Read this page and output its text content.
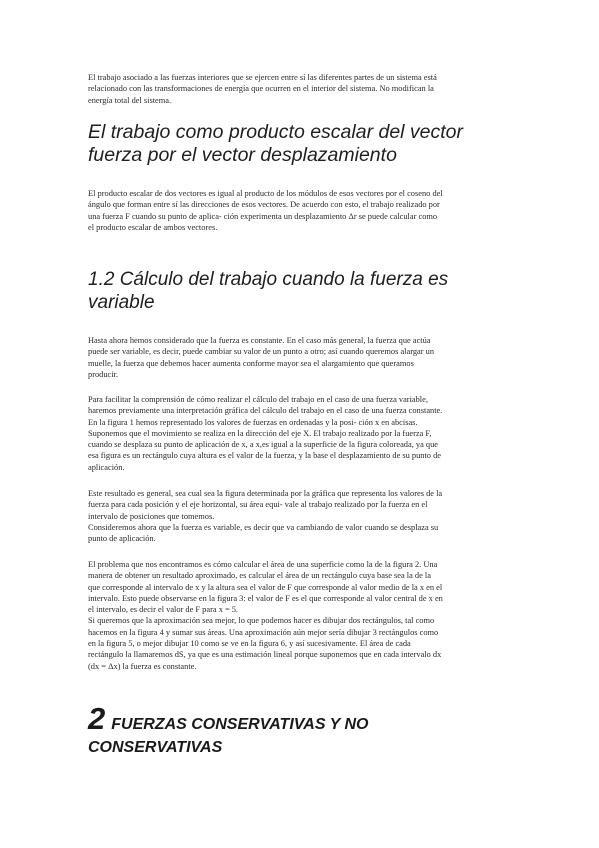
El trabajo asociado a las fuerzas interiores que se ejercen entre sí las diferentes partes de un sistema está
relacionado con las transformaciones de energía que ocurren en el interior del sistema. No modifican la
energía total del sistema.

El trabajo como producto escalar del vector
fuerza por el vector desplazamiento

El producto escalar de dos vectores es igual al producto de los módulos de esos vectores por el coseno del
ángulo que forman entre sí las direcciones de esos vectores. De acuerdo con esto, el trabajo realizado por
una fuerza F cuando su punto de aplica- ción experimenta un desplazamiento Δr se puede calcular como
el producto escalar de ambos vectores.

1.2 Cálculo del trabajo cuando la fuerza es
variable

Hasta ahora hemos considerado que la fuerza es constante. En el caso más general, la fuerza que actúa
puede ser variable, es decir, puede cambiar su valor de un punto a otro; así cuando queremos alargar un
muelle, la fuerza que debemos hacer aumenta conforme mayor sea el alargamiento que queramos
producir.

Para facilitar la comprensión de cómo realizar el cálculo del trabajo en el caso de una fuerza variable,
haremos previamente una interpretación gráfica del cálculo del trabajo en el caso de una fuerza constante.
En la figura 1 hemos representado los valores de fuerzas en ordenadas y la posi- ción x en abcisas.
Suponemos que el movimiento se realiza en la dirección del eje X. El trabajo realizado por la fuerza F,
cuando se desplaza su punto de aplicación de x, a x,es igual a la superficie de la figura coloreada, ya que
esa figura es un rectángulo cuya altura es el valor de la fuerza, y la base el desplazamiento de su punto de
aplicación.

Este resultado es general, sea cual sea la figura determinada por la gráfica que representa los valores de la
fuerza para cada posición y el eje horizontal, su área equi- vale al trabajo realizado por la fuerza en el
intervalo de posiciones que tomemos.
Consideremos ahora que la fuerza es variable, es decir que va cambiando de valor cuando se desplaza su
punto de aplicación.

El problema que nos encontramos es cómo calcular el área de una superficie como la de la figura 2. Una
manera de obtener un resultado aproximado, es calcular el área de un rectángulo cuya base sea la de la
que corresponde al intervalo de x y la altura sea el valor de F que corresponde al valor medio de la x en el
intervalo. Esto puede observarse en la figura 3: el valor de F es el que corresponde al valor central de x en
el intervalo, es decir el valor de F para x = 5.
Si queremos que la aproximación sea mejor, lo que podemos hacer es dibujar dos rectángulos, tal como
hacemos en la figura 4 y sumar sus áreas. Una aproximación aún mejor sería dibujar 3 rectángulos como
en la figura 5, o mejor dibujar 10 como se ve en la figura 6, y así sucesivamente. El área de cada
rectángulo la llamaremos dS, ya que es una estimación lineal porque suponemos que en cada intervalo dx
(dx = Δx) la fuerza es constante.

2 FUERZAS CONSERVATIVAS Y NO
CONSERVATIVAS
